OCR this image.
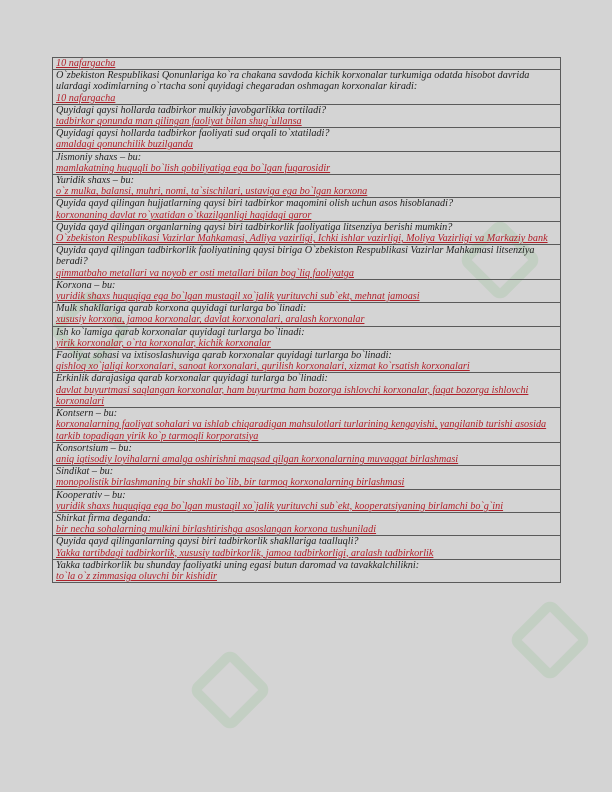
10 nafargacha

O`zbekiston Respublikasi Qonunlariga ko`ra chakana savdoda kichik korxonalar turkumiga odatda hisobot davrida ulardagi xodimlarning o`rtacha soni quyidagi chegaradan oshmagan korxonalar kiradi:
10 nafargacha

Quyidagi qaysi hollarda tadbirkor mulkiy javobgarlikka tortiladi?
tadbirkor qonunda man qilingan faoliyat bilan shug`ullansa

Quyidagi qaysi hollarda tadbirkor faoliyati sud orqali to`xtatiladi?
amaldagi qonunchilik buzilganda

Jismoniy shaxs – bu:
mamlakatning huquqli bo`lish qobiliyatiga ega bo`lgan fuqarosidir

Yuridik shaxs – bu:
o`z mulka, balansi, muhri, nomi, ta`sischilari, ustaviga ega bo`lgan korxona

Quyida qayd qilingan hujjatlarning qaysi biri tadbirkor maqomini olish uchun asos hisoblanadi?
korxonaning davlat ro`yxatidan o`tkazilganligi haqidagi qaror

Quyida qayd qilingan organlarning qaysi biri tadbirkorlik faoliyatiga litsenziya berishi mumkin?
O`zbekiston Respublikasi Vazirlar Mahkamasi, Adliya vazirligi, Ichki ishlar vazirligi, Moliya Vazirligi va Markaziy bank

Quyida qayd qilingan tadbirkorlik faoliyatining qaysi biriga O`zbekiston Respublikasi Vazirlar Mahkamasi litsenziya beradi?
qimmatbaho metallari va noyob er osti metallari bilan bog`liq faoliyatga

Korxona – bu:
yuridik shaxs huquqiga ega bo`lgan mustaqil xo`jalik yurituvchi sub`ekt, mehnat jamoasi

Mulk shakllariga qarab korxona quyidagi turlarga bo`linadi:
xususiy korxona, jamoa korxonalar, davlat korxonalari, aralash korxonalar

Ish ko`lamiga qarab korxonalar quyidagi turlarga bo`linadi:
yirik korxonalar, o`rta korxonalar, kichik korxonalar

Faoliyat sohasi va ixtisoslashuviga qarab korxonalar quyidagi turlarga bo`linadi:
qishloq xo`jaligi korxonalari, sanoat korxonalari, qurilish korxonalari, xizmat ko`rsatish korxonalari

Erkinlik darajasiga qarab korxonalar quyidagi turlarga bo`linadi:
davlat buyurtmasi saqlangan korxonalar, ham buyurtma ham bozorga ishlovchi korxonalar, faqat bozorga ishlovchi korxonalari

Kontsern – bu:
korxonalarning faoliyat sohalari va ishlab chiqaradigan mahsulotlari turlarining kengayishi, yangilanib turishi asosida tarkib topadigan yirik ko`p tarmoqli korporatsiya

Konsortsium – bu:
aniq iqtisodiy loyihalarni amalga oshirishni maqsad qilgan korxonalarning muvaqqat birlashmasi

Sindikat – bu:
monopolistik birlashmaning bir shakli bo`lib, bir tarmoq korxonalarning birlashmasi

Kooperativ – bu:
yuridik shaxs huquqiga ega bo`lgan mustaqil xo`jalik yurituvchi sub`ekt, kooperatsiyaning birlamchi bo`g`ini

Shirkat firma deganda:
bir necha sohalarning mulkini birlashtirishga asoslangan korxona tushuniladi

Quyida qayd qilinganlarning qaysi biri tadbirkorlik shakllariga taalluqli?
Yakka tartibdagi tadbirkorlik, xususiy tadbirkorlik, jamoa tadbirkorligi, aralash tadbirkorlik

Yakka tadbirkorlik bu shunday faoliyatki uning egasi butun daromad va tavakkalchilikni:
to`la o`z zimmasiga oluvchi bir kishidir
